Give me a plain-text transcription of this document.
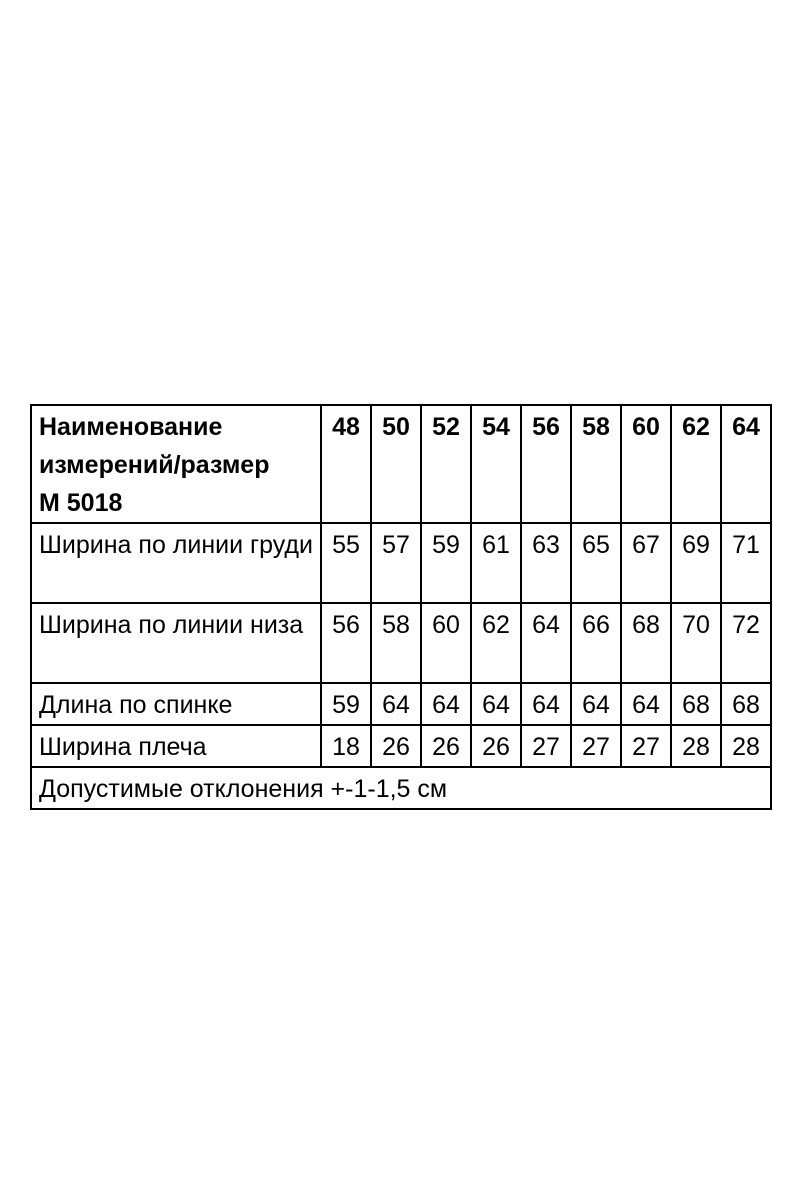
Наименование
измерений/размер
М 5018	48	50	52	54	56	58	60	62	64
Ширина по линии груди	55	57	59	61	63	65	67	69	71
Ширина по линии низа	56	58	60	62	64	66	68	70	72
Длина по спинке	59	64	64	64	64	64	64	68	68
Ширина плеча	18	26	26	26	27	27	27	28	28
Допустимые отклонения +-1-1,5 см									
